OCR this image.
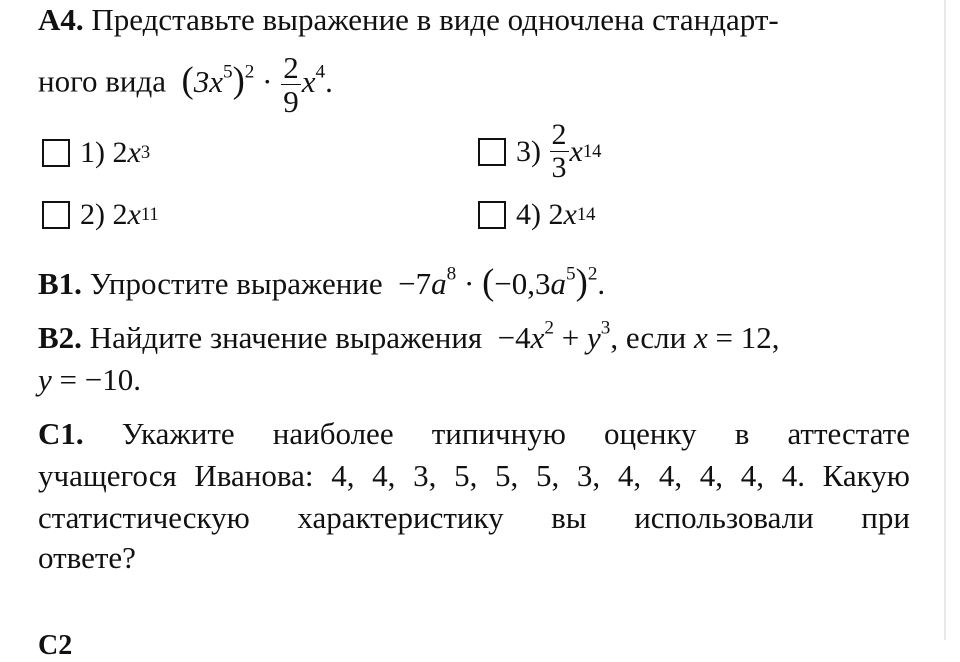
A4. Представьте выражение в виде одночлена стандарт-
ного вида $(3x^5)^2 \cdot \frac{2}{9} x^4$.
1)
2 x 3	3)
$\frac{2}{3}$ x 14
2)
2 x 11	4)
2 x 14
B1. Упростите выражение $-7a^8 \cdot (-0,3a^5)^2$.
B2. Найдите значение выражения $-4x^2 + y^3$, если x = 12,
y = −10.
С1. Укажите наиболее типичную оценку в аттестате
учащегося Иванова: 4, 4, 3, 5, 5, 5, 3, 4, 4, 4, 4, 4. Какую
статистическую характеристику вы использовали при
ответе?
С2
